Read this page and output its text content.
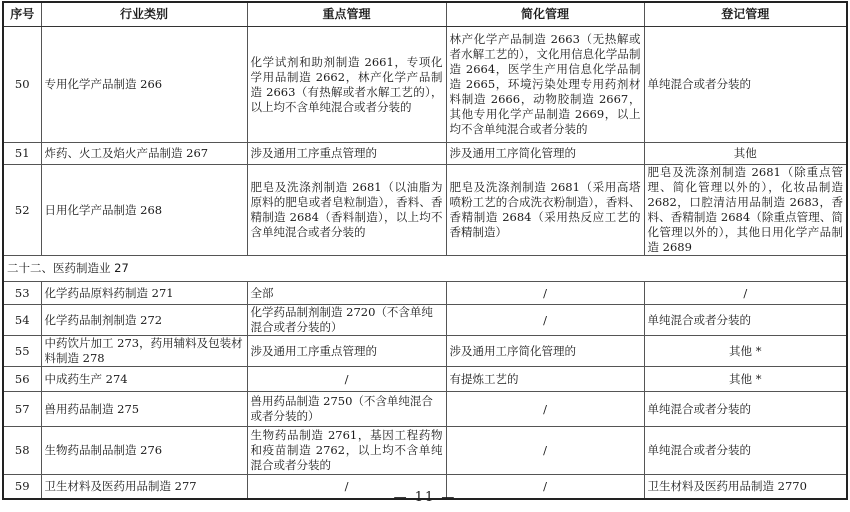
序号	行业类别	重点管理	简化管理	登记管理
50	专用化学产品制造 266	化学试剂和助剂制造 2661，专项化学用品制造 2662，林产化学产品制造 2663（有热解或者水解工艺的），以上均不含单纯混合或者分装的	林产化学产品制造 2663（无热解或者水解工艺的），文化用信息化学品制造 2664，医学生产用信息化学品制造 2665，环境污染处理专用药剂材料制造 2666，动物胶制造 2667，其他专用化学产品制造 2669，以上均不含单纯混合或者分装的	单纯混合或者分装的
51	炸药、火工及焰火产品制造 267	涉及通用工序重点管理的	涉及通用工序简化管理的	其他
52	日用化学产品制造 268	肥皂及洗涤剂制造 2681（以油脂为原料的肥皂或者皂粒制造），香料、香精制造 2684（香料制造），以上均不含单纯混合或者分装的	肥皂及洗涤剂制造 2681（采用高塔喷粉工艺的合成洗衣粉制造），香料、香精制造 2684（采用热反应工艺的香精制造）	肥皂及洗涤剂制造 2681（除重点管理、简化管理以外的），化妆品制造 2682，口腔清洁用品制造 2683，香料、香精制造 2684（除重点管理、简化管理以外的），其他日用化学产品制造 2689
二十二、医药制造业 27				
53	化学药品原料药制造 271	全部	/	/
54	化学药品制剂制造 272	化学药品制剂制造 2720（不含单纯混合或者分装的）	/	单纯混合或者分装的
55	中药饮片加工 273，药用辅料及包装材料制造 278	涉及通用工序重点管理的	涉及通用工序简化管理的	其他 *
56	中成药生产 274	/	有提炼工艺的	其他 *
57	兽用药品制造 275	兽用药品制造 2750（不含单纯混合或者分装的）	/	单纯混合或者分装的
58	生物药品制品制造 276	生物药品制造 2761，基因工程药物和疫苗制造 2762，以上均不含单纯混合或者分装的	/	单纯混合或者分装的
59	卫生材料及医药用品制造 277	/	/	卫生材料及医药用品制造 2770
— 11 —
